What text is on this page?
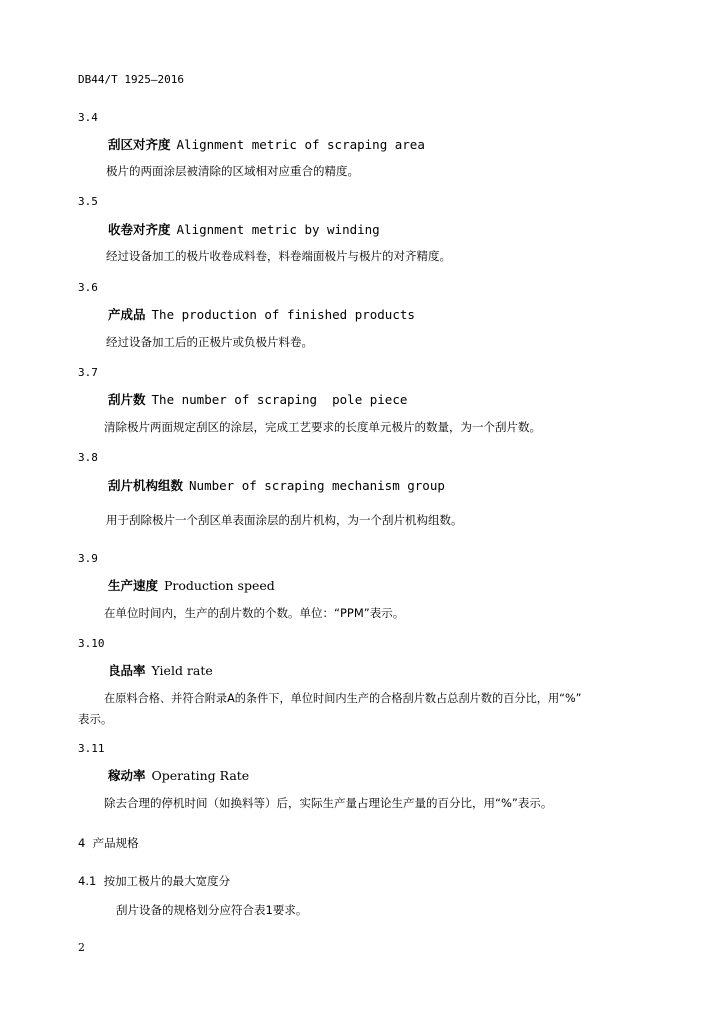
DB44/T 1925—2016
3.4
刮区对齐度 Alignment metric of scraping area
极片的两面涂层被清除的区域相对应重合的精度。
3.5
收卷对齐度 Alignment metric by winding
经过设备加工的极片收卷成料卷，料卷端面极片与极片的对齐精度。
3.6
产成品 The production of finished products
经过设备加工后的正极片或负极片料卷。
3.7
刮片数 The number of scraping  pole piece
清除极片两面规定刮区的涂层，完成工艺要求的长度单元极片的数量，为一个刮片数。
3.8
刮片机构组数 Number of scraping mechanism group
用于刮除极片一个刮区单表面涂层的刮片机构，为一个刮片机构组数。
3.9
生产速度 Production speed
在单位时间内，生产的刮片数的个数。单位：“PPM”表示。
3.10
良品率 Yield rate
在原料合格、并符合附录A的条件下，单位时间内生产的合格刮片数占总刮片数的百分比，用“%”
表示。
3.11
稼动率 Operating Rate
除去合理的停机时间（如换料等）后，实际生产量占理论生产量的百分比，用“%”表示。
4  产品规格
4.1  按加工极片的最大宽度分
刮片设备的规格划分应符合表1要求。
2
